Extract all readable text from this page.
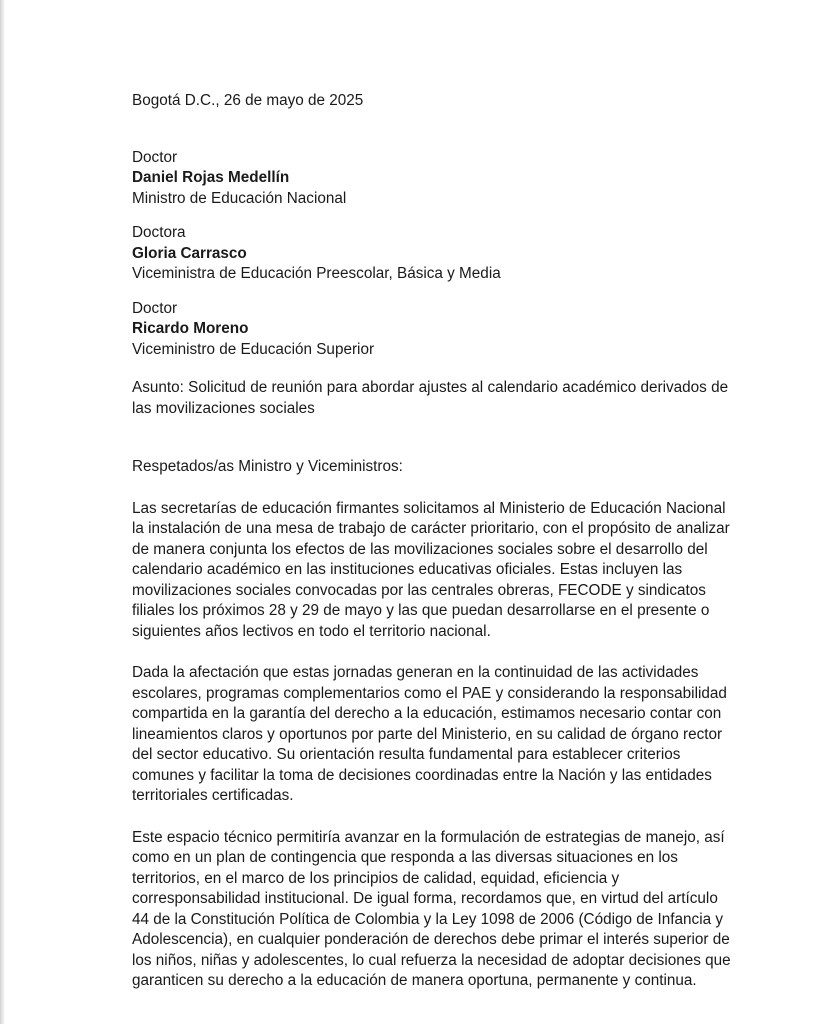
Bogotá D.C., 26 de mayo de 2025

Doctor
Daniel Rojas Medellín
Ministro de Educación Nacional
Doctora
Gloria Carrasco
Viceministra de Educación Preescolar, Básica y Media
Doctor
Ricardo Moreno
Viceministro de Educación Superior
Asunto: Solicitud de reunión para abordar ajustes al calendario académico derivados de
las movilizaciones sociales

Respetados/as Ministro y Viceministros:

Las secretarías de educación firmantes solicitamos al Ministerio de Educación Nacional
la instalación de una mesa de trabajo de carácter prioritario, con el propósito de analizar
de manera conjunta los efectos de las movilizaciones sociales sobre el desarrollo del
calendario académico en las instituciones educativas oficiales. Estas incluyen las
movilizaciones sociales convocadas por las centrales obreras, FECODE y sindicatos
filiales los próximos 28 y 29 de mayo y las que puedan desarrollarse en el presente o
siguientes años lectivos en todo el territorio nacional.
Dada la afectación que estas jornadas generan en la continuidad de las actividades
escolares, programas complementarios como el PAE y considerando la responsabilidad
compartida en la garantía del derecho a la educación, estimamos necesario contar con
lineamientos claros y oportunos por parte del Ministerio, en su calidad de órgano rector
del sector educativo. Su orientación resulta fundamental para establecer criterios
comunes y facilitar la toma de decisiones coordinadas entre la Nación y las entidades
territoriales certificadas.
Este espacio técnico permitiría avanzar en la formulación de estrategias de manejo, así
como en un plan de contingencia que responda a las diversas situaciones en los
territorios, en el marco de los principios de calidad, equidad, eficiencia y
corresponsabilidad institucional. De igual forma, recordamos que, en virtud del artículo
44 de la Constitución Política de Colombia y la Ley 1098 de 2006 (Código de Infancia y
Adolescencia), en cualquier ponderación de derechos debe primar el interés superior de
los niños, niñas y adolescentes, lo cual refuerza la necesidad de adoptar decisiones que
garanticen su derecho a la educación de manera oportuna, permanente y continua.
